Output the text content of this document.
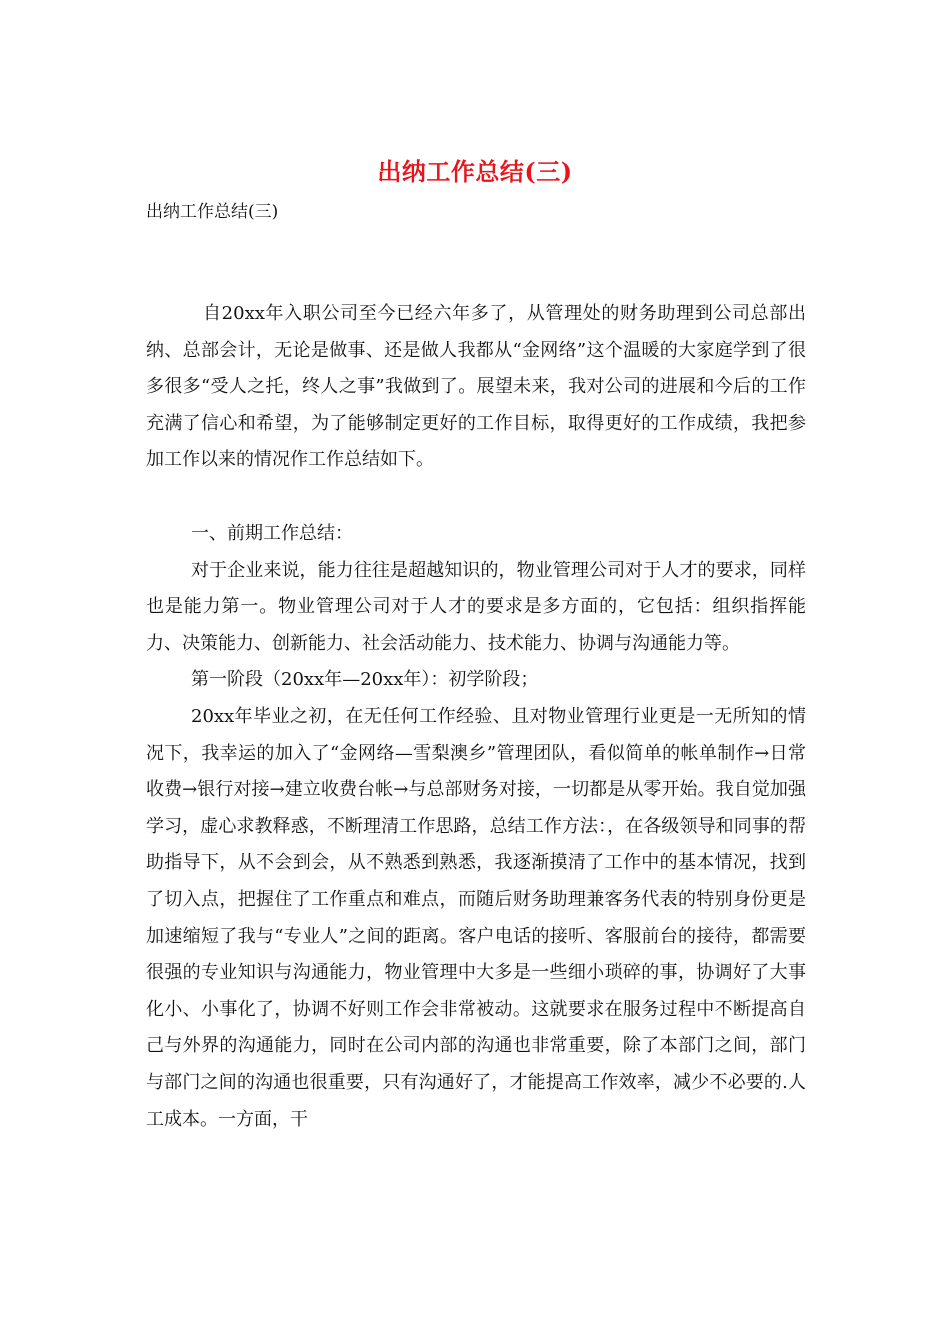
出纳工作总结(三)
出纳工作总结(三)

自20xx年入职公司至今已经六年多了，从管理处的财务助理到公司总部出纳、总部会计，无论是做事、还是做人我都从“金网络”这个温暖的大家庭学到了很多很多“受人之托，终人之事”我做到了。展望未来，我对公司的进展和今后的工作充满了信心和希望，为了能够制定更好的工作目标，取得更好的工作成绩，我把参加工作以来的情况作工作总结如下。

一、前期工作总结：

对于企业来说，能力往往是超越知识的，物业管理公司对于人才的要求，同样也是能力第一。物业管理公司对于人才的要求是多方面的，它包括：组织指挥能力、决策能力、创新能力、社会活动能力、技术能力、协调与沟通能力等。

第一阶段（20xx年—20xx年）：初学阶段；

20xx年毕业之初，在无任何工作经验、且对物业管理行业更是一无所知的情况下，我幸运的加入了“金网络—雪梨澳乡”管理团队，看似简单的帐单制作→日常收费→银行对接→建立收费台帐→与总部财务对接，一切都是从零开始。我自觉加强学习，虚心求教释惑，不断理清工作思路，总结工作方法：，在各级领导和同事的帮助指导下，从不会到会，从不熟悉到熟悉，我逐渐摸清了工作中的基本情况，找到了切入点，把握住了工作重点和难点，而随后财务助理兼客务代表的特别身份更是加速缩短了我与“专业人”之间的距离。客户电话的接听、客服前台的接待，都需要很强的专业知识与沟通能力，物业管理中大多是一些细小琐碎的事，协调好了大事化小、小事化了，协调不好则工作会非常被动。这就要求在服务过程中不断提高自己与外界的沟通能力，同时在公司内部的沟通也非常重要，除了本部门之间，部门与部门之间的沟通也很重要，只有沟通好了，才能提高工作效率，减少不必要的.人工成本。一方面，干
